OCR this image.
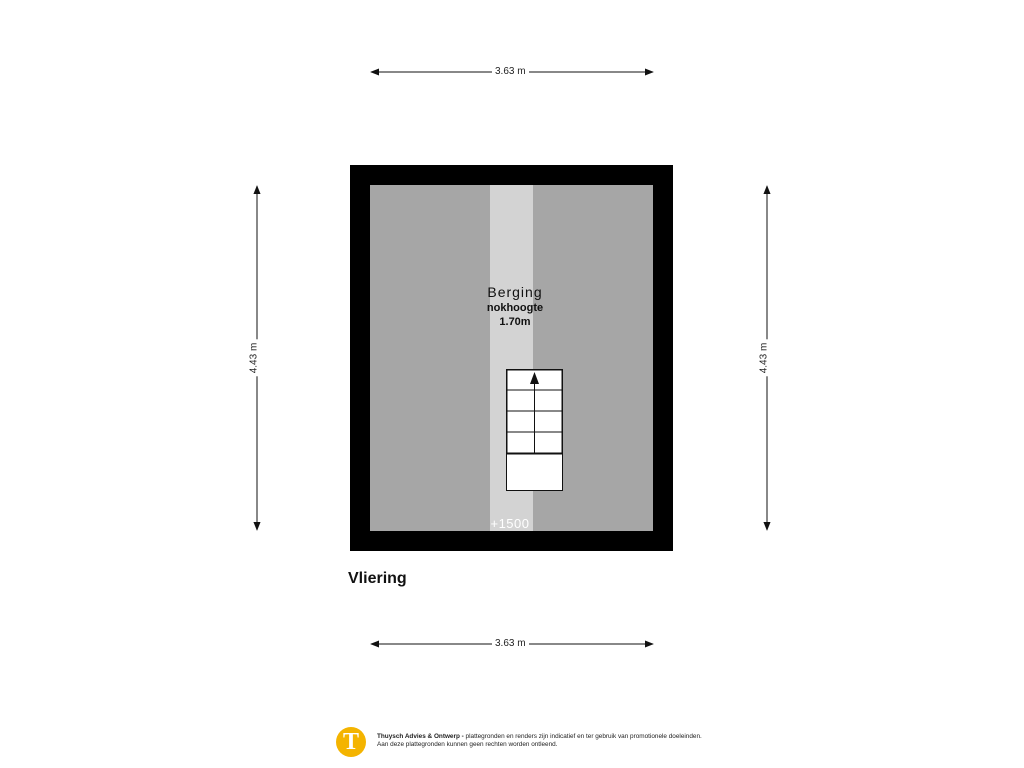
3.63 m
3.63 m
4.43 m	4.43 m
Berging
nokhoogte
1.70m
+1500
Vliering
T	Thuysch Advies & Ontwerp - plattegronden en renders zijn indicatief en ter gebruik van promotionele doeleinden.
Aan deze plattegronden kunnen geen rechten worden ontleend.
